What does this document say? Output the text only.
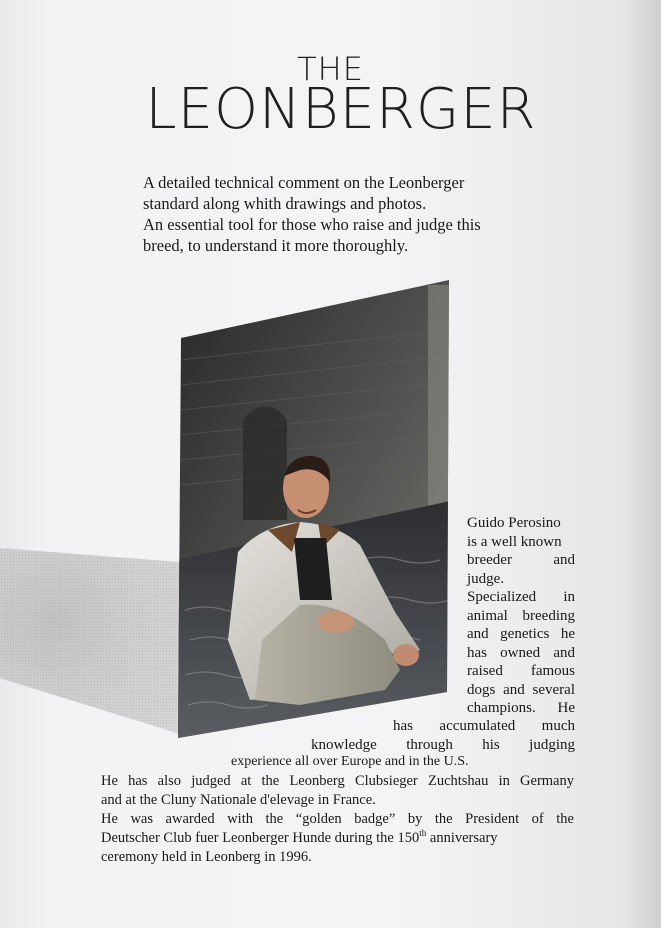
THE
LEONBERGER

A detailed technical comment on the Leonberger
standard along whith drawings and photos.
An essential tool for those who raise and judge this
breed, to understand it more thoroughly.

Guido Perosino
is a well known
breeder and
judge.
Specialized in
animal breeding
and genetics he
has owned and
raised famous
dogs and several
champions. He

has accumulated much
knowledge through his judging
experience all over Europe and in the U.S.
He has also judged at the Leonberg Clubsieger Zuchtshau in Germany
and at the Cluny Nationale d'elevage in France.
He was awarded with the “golden badge” by the President of the
Deutscher Club fuer Leonberger Hunde during the 150th anniversary
ceremony held in Leonberg in 1996.
